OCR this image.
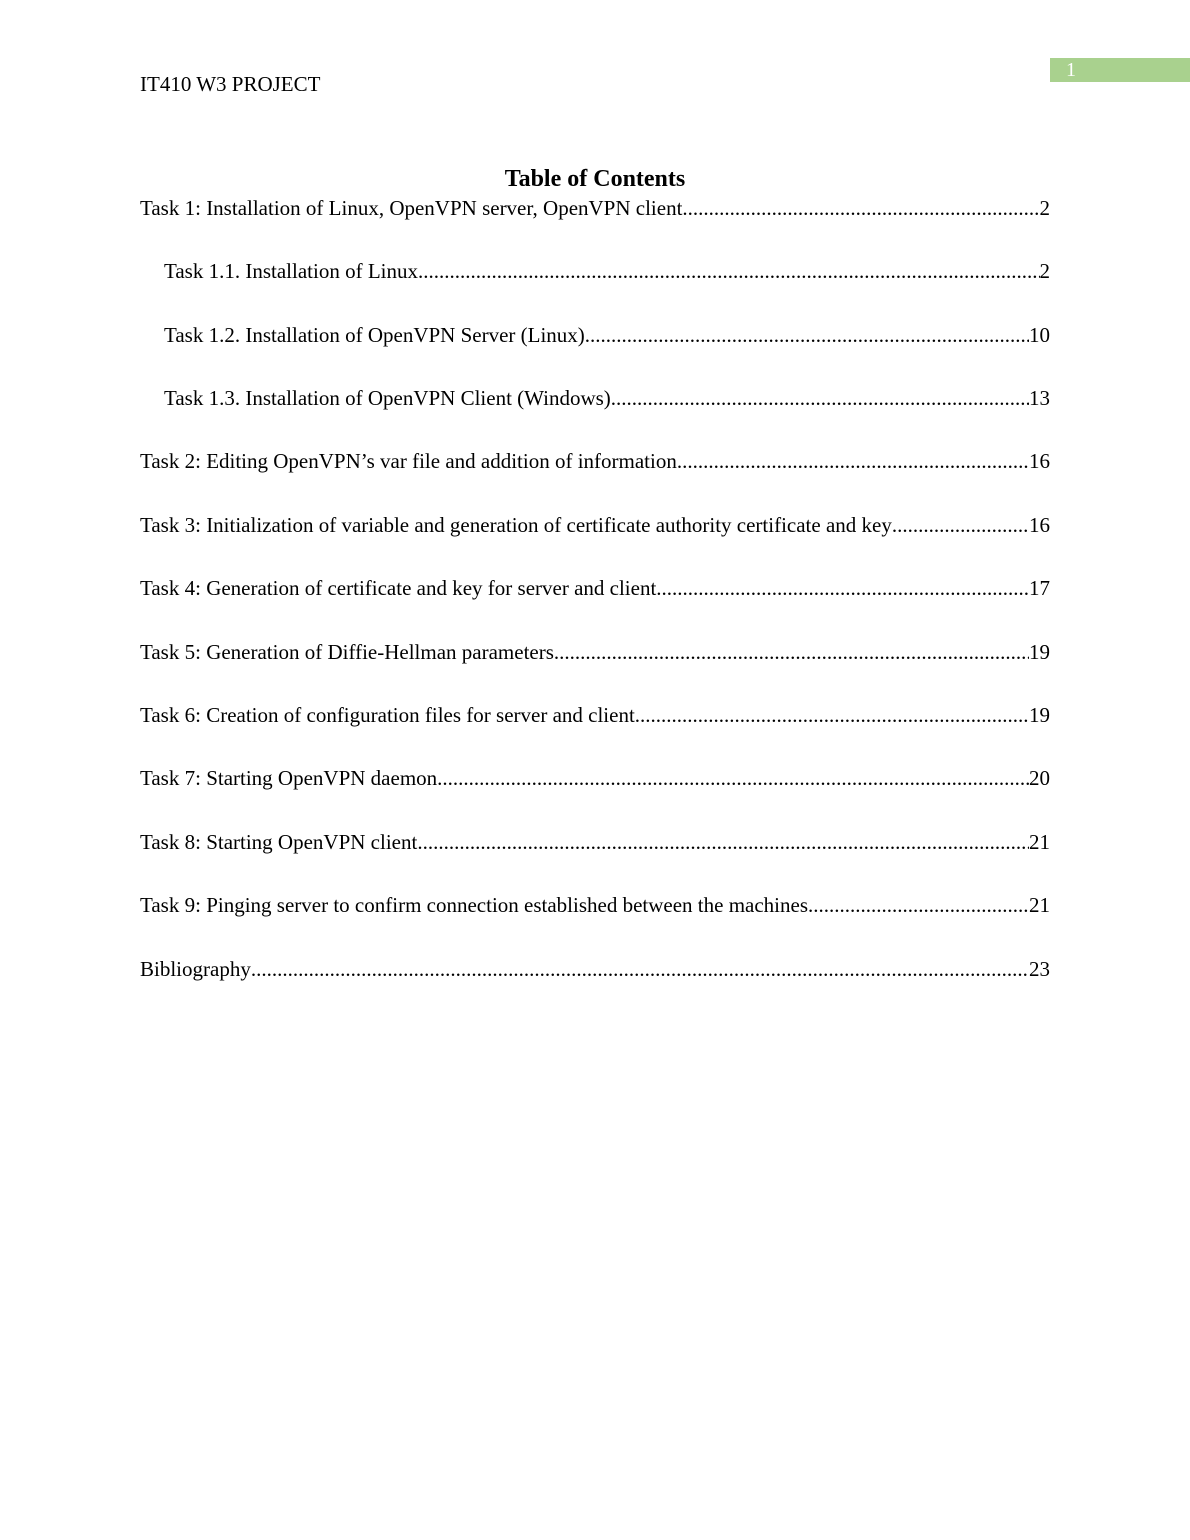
IT410 W3 PROJECT
1
Table of Contents
Task 1: Installation of Linux, OpenVPN server, OpenVPN client .....	2
Task 1.1. Installation of Linux .....	2
Task 1.2. Installation of OpenVPN Server (Linux) .....	10
Task 1.3. Installation of OpenVPN Client (Windows) .....	13
Task 2: Editing OpenVPN’s var file and addition of information .....	16
Task 3: Initialization of variable and generation of certificate authority certificate and key .....	16
Task 4: Generation of certificate and key for server and client .....	17
Task 5: Generation of Diffie-Hellman parameters .....	19
Task 6: Creation of configuration files for server and client .....	19
Task 7: Starting OpenVPN daemon .....	20
Task 8: Starting OpenVPN client .....	21
Task 9: Pinging server to confirm connection established between the machines .....	21
Bibliography .....	23
